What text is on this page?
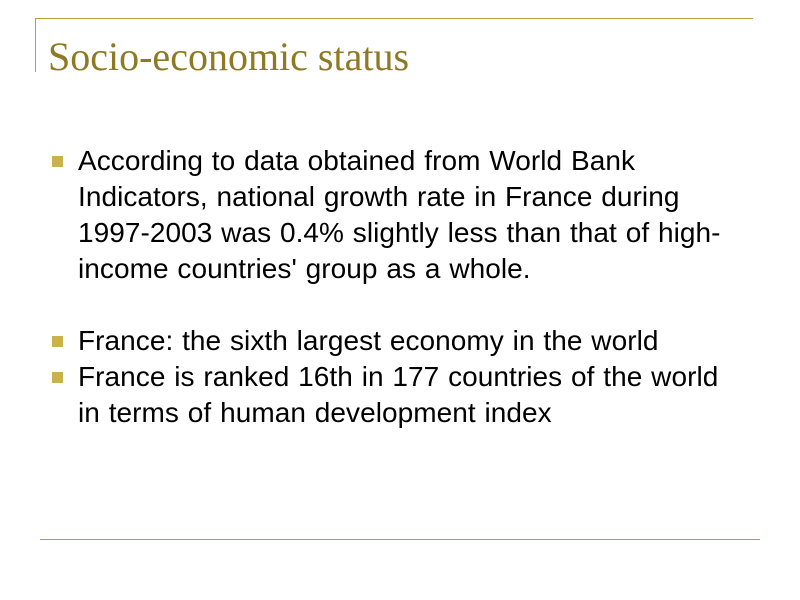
Socio-economic status
According to data obtained from World Bank Indicators, national growth rate in France during 1997-2003 was 0.4% slightly less than that of high-income countries' group as a whole.
France: the sixth largest economy in the world
France is ranked 16th in 177 countries of the world in terms of human development index
